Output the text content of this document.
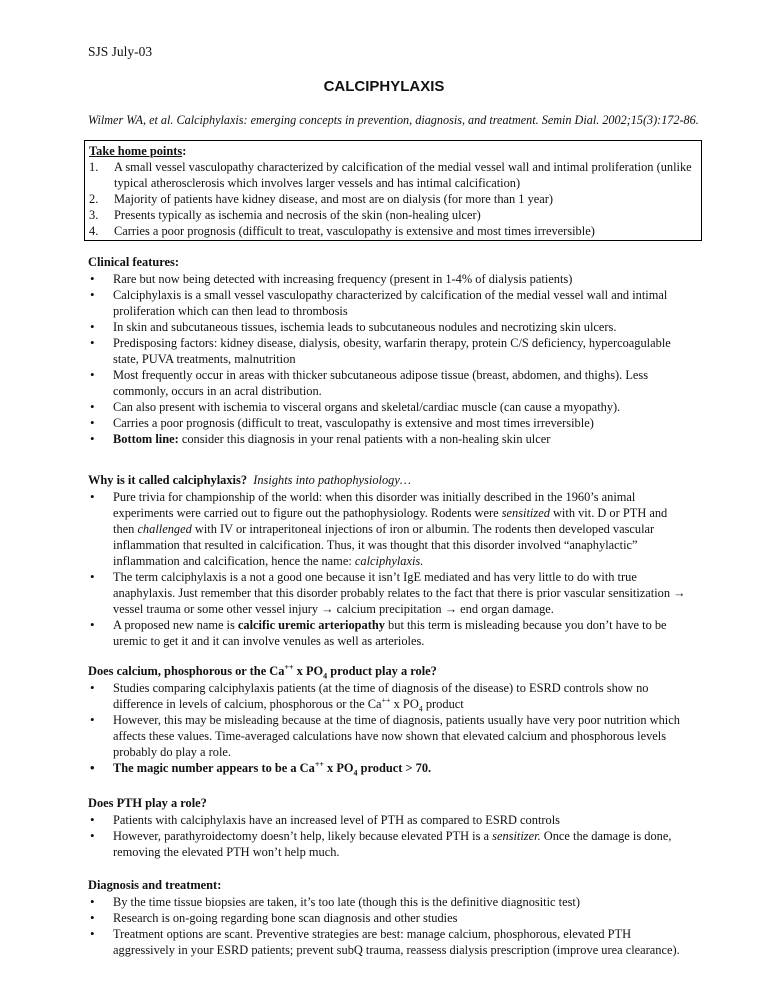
SJS July-03
CALCIPHYLAXIS
Wilmer WA, et al. Calciphylaxis: emerging concepts in prevention, diagnosis, and treatment. Semin Dial. 2002;15(3):172-86.
Take home points:
1. A small vessel vasculopathy characterized by calcification of the medial vessel wall and intimal proliferation (unlike typical atherosclerosis which involves larger vessels and has intimal calcification)
2. Majority of patients have kidney disease, and most are on dialysis (for more than 1 year)
3. Presents typically as ischemia and necrosis of the skin (non-healing ulcer)
4. Carries a poor prognosis (difficult to treat, vasculopathy is extensive and most times irreversible)

Clinical features:

• Rare but now being detected with increasing frequency (present in 1-4% of dialysis patients)
• Calciphylaxis is a small vessel vasculopathy characterized by calcification of the medial vessel wall and intimal proliferation which can then lead to thrombosis
• In skin and subcutaneous tissues, ischemia leads to subcutaneous nodules and necrotizing skin ulcers.
• Predisposing factors: kidney disease, dialysis, obesity, warfarin therapy, protein C/S deficiency, hypercoagulable state, PUVA treatments, malnutrition
• Most frequently occur in areas with thicker subcutaneous adipose tissue (breast, abdomen, and thighs). Less commonly, occurs in an acral distribution.
• Can also present with ischemia to visceral organs and skeletal/cardiac muscle (can cause a myopathy).
• Carries a poor prognosis (difficult to treat, vasculopathy is extensive and most times irreversible)
• Bottom line: consider this diagnosis in your renal patients with a non-healing skin ulcer

Why is it called calciphylaxis? Insights into pathophysiology…

• Pure trivia for championship of the world: when this disorder was initially described in the 1960’s animal experiments were carried out to figure out the pathophysiology. Rodents were sensitized with vit. D or PTH and then challenged with IV or intraperitoneal injections of iron or albumin. The rodents then developed vascular inflammation that resulted in calcification. Thus, it was thought that this disorder involved “anaphylactic” inflammation and calcification, hence the name: calciphylaxis.
• The term calciphylaxis is a not a good one because it isn’t IgE mediated and has very little to do with true anaphylaxis. Just remember that this disorder probably relates to the fact that there is prior vascular sensitization → vessel trauma or some other vessel injury → calcium precipitation → end organ damage.
• A proposed new name is calcific uremic arteriopathy but this term is misleading because you don’t have to be uremic to get it and it can involve venules as well as arterioles.

Does calcium, phosphorous or the Ca++ x $PO_4$ product play a role?

• Studies comparing calciphylaxis patients (at the time of diagnosis of the disease) to ESRD controls show no difference in levels of calcium, phosphorous or the Ca++ x $PO_4$ product
• However, this may be misleading because at the time of diagnosis, patients usually have very poor nutrition which affects these values. Time-averaged calculations have now shown that elevated calcium and phosphorous levels probably do play a role.
• The magic number appears to be a Ca++ x $PO_4$ product > 70.

Does PTH play a role?

• Patients with calciphylaxis have an increased level of PTH as compared to ESRD controls
• However, parathyroidectomy doesn’t help, likely because elevated PTH is a sensitizer. Once the damage is done, removing the elevated PTH won’t help much.

Diagnosis and treatment:

• By the time tissue biopsies are taken, it’s too late (though this is the definitive diagnositic test)
• Research is on-going regarding bone scan diagnosis and other studies
• Treatment options are scant. Preventive strategies are best: manage calcium, phosphorous, elevated PTH aggressively in your ESRD patients; prevent subQ trauma, reassess dialysis prescription (improve urea clearance).
